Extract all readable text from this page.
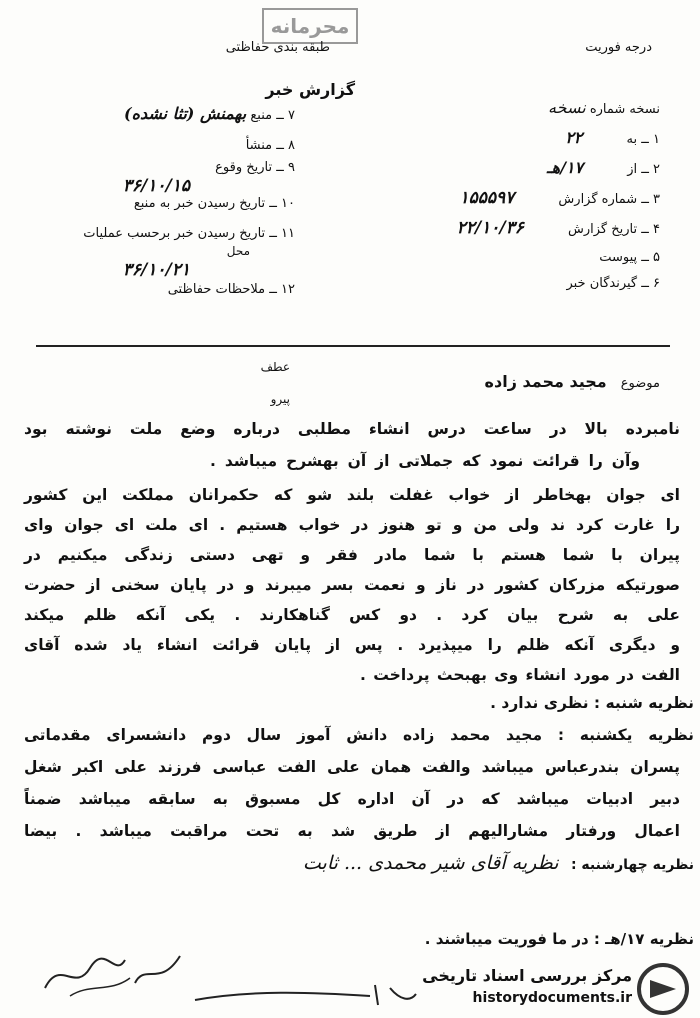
محرمانه
طبقه بندی حفاظتی	درجه فوریت
گزارش خبر
۷ ــ منبع بهمنش (تثا نشده)
۸ ــ منشأ
۹ ــ تاریخ وقوع
۳۶/۱۰/۱۵
۱۰ ــ تاریخ رسیدن خبر به منبع
۱۱ ــ تاریخ رسیدن خبر برحسب عملیات
محل
۳۶/۱۰/۲۱
۱۲ ــ ملاحظات حفاظتی
نسخه شماره نسخه
۱ ــ به ۲۲
۲ ــ از ۱۷/هـ
۳ ــ شماره گزارش ۱۵۵۵۹۷
۴ ــ تاریخ گزارش ۲۲/۱۰/۳۶
۵ ــ پیوست
۶ ــ گیرندگان خبر
عطف
پیرو
موضوع مجید محمد زاده
نامبرده بالا در ساعت درس انشاء مطلبی درباره وضع ملت نوشته بود
وآن را قرائت نمود که جملاتی از آن بهشرح میباشد .
ای جوان بهخاطر از خواب غفلت بلند شو که حکمرانان مملکت این کشور
را غارت کرد ند ولی من و تو هنوز در خواب هستیم . ای ملت ای جوان وای
پیران با شما هستم با شما مادر فقر و تهی دستی زندگی میکنیم در
صورتیکه مزرکان کشور در ناز و نعمت بسر میبرند و در پایان سخنی از حضرت
علی به شرح بیان کرد . دو کس گناهکارند . یکی آنکه ظلم میکند
و دیگری آنکه ظلم را میپذیرد . پس از پایان قرائت انشاء یاد شده آقای
الفت در مورد انشاء وی بهبحث پرداخت .
نظریه شنبه : نظری ندارد .
نظریه یکشنبه : مجید محمد زاده دانش آموز سال دوم دانشسرای مقدماتی
پسران بندرعباس میباشد والفت همان علی الفت عباسی فرزند علی اکبر شغل
دبیر ادبیات میباشد که در آن اداره کل مسبوق به سابقه میباشد ضمناً
اعمال ورفتار مشارالیهم از طریق شد به تحت مراقبت میباشد . بیضا
نظریه چهارشنبه : نظریه آقای شیر محمدی ... ثابت
نظریه ۱۷/هـ : در ما فوریت میباشند .
مرکز بررسی اسناد تاریخی
historydocuments.ir
